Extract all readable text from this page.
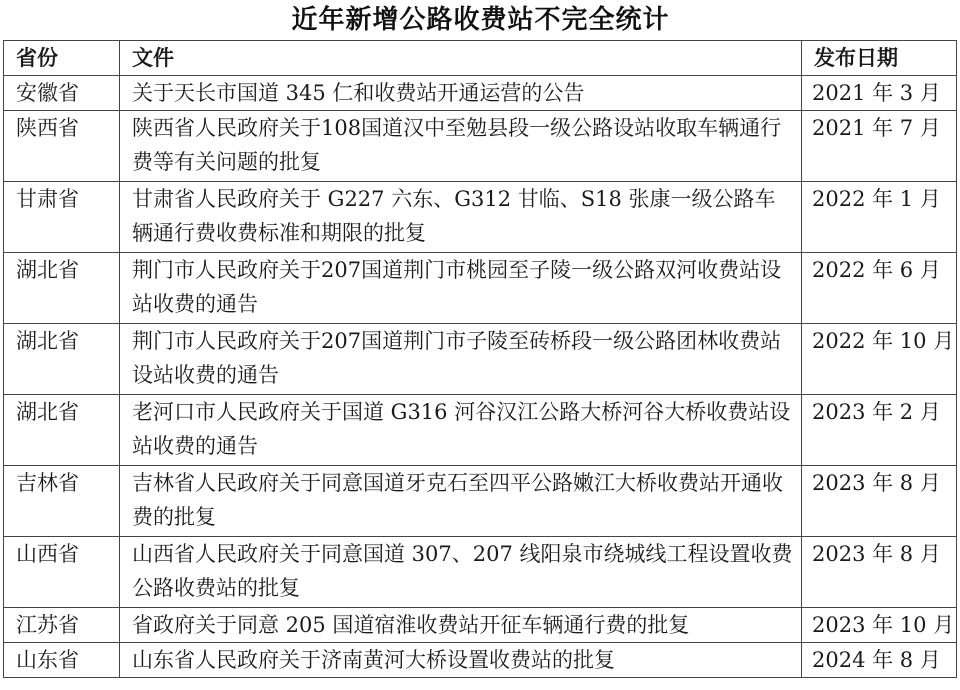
近年新增公路收费站不完全统计
省份	文件	发布日期
安徽省	关于天长市国道 345 仁和收费站开通运营的公告	2021 年 3 月
陕西省	陕西省人民政府关于108国道汉中至勉县段一级公路设站收取车辆通行费等有关问题的批复	2021 年 7 月
甘肃省	甘肃省人民政府关于 G227 六东、G312 甘临、S18 张康一级公路车辆通行费收费标准和期限的批复	2022 年 1 月
湖北省	荆门市人民政府关于207国道荆门市桃园至子陵一级公路双河收费站设站收费的通告	2022 年 6 月
湖北省	荆门市人民政府关于207国道荆门市子陵至砖桥段一级公路团林收费站设站收费的通告	2022 年 10 月
湖北省	老河口市人民政府关于国道 G316 河谷汉江公路大桥河谷大桥收费站设站收费的通告	2023 年 2 月
吉林省	吉林省人民政府关于同意国道牙克石至四平公路嫩江大桥收费站开通收费的批复	2023 年 8 月
山西省	山西省人民政府关于同意国道 307、207 线阳泉市绕城线工程设置收费公路收费站的批复	2023 年 8 月
江苏省	省政府关于同意 205 国道宿淮收费站开征车辆通行费的批复	2023 年 10 月
山东省	山东省人民政府关于济南黄河大桥设置收费站的批复	2024 年 8 月
